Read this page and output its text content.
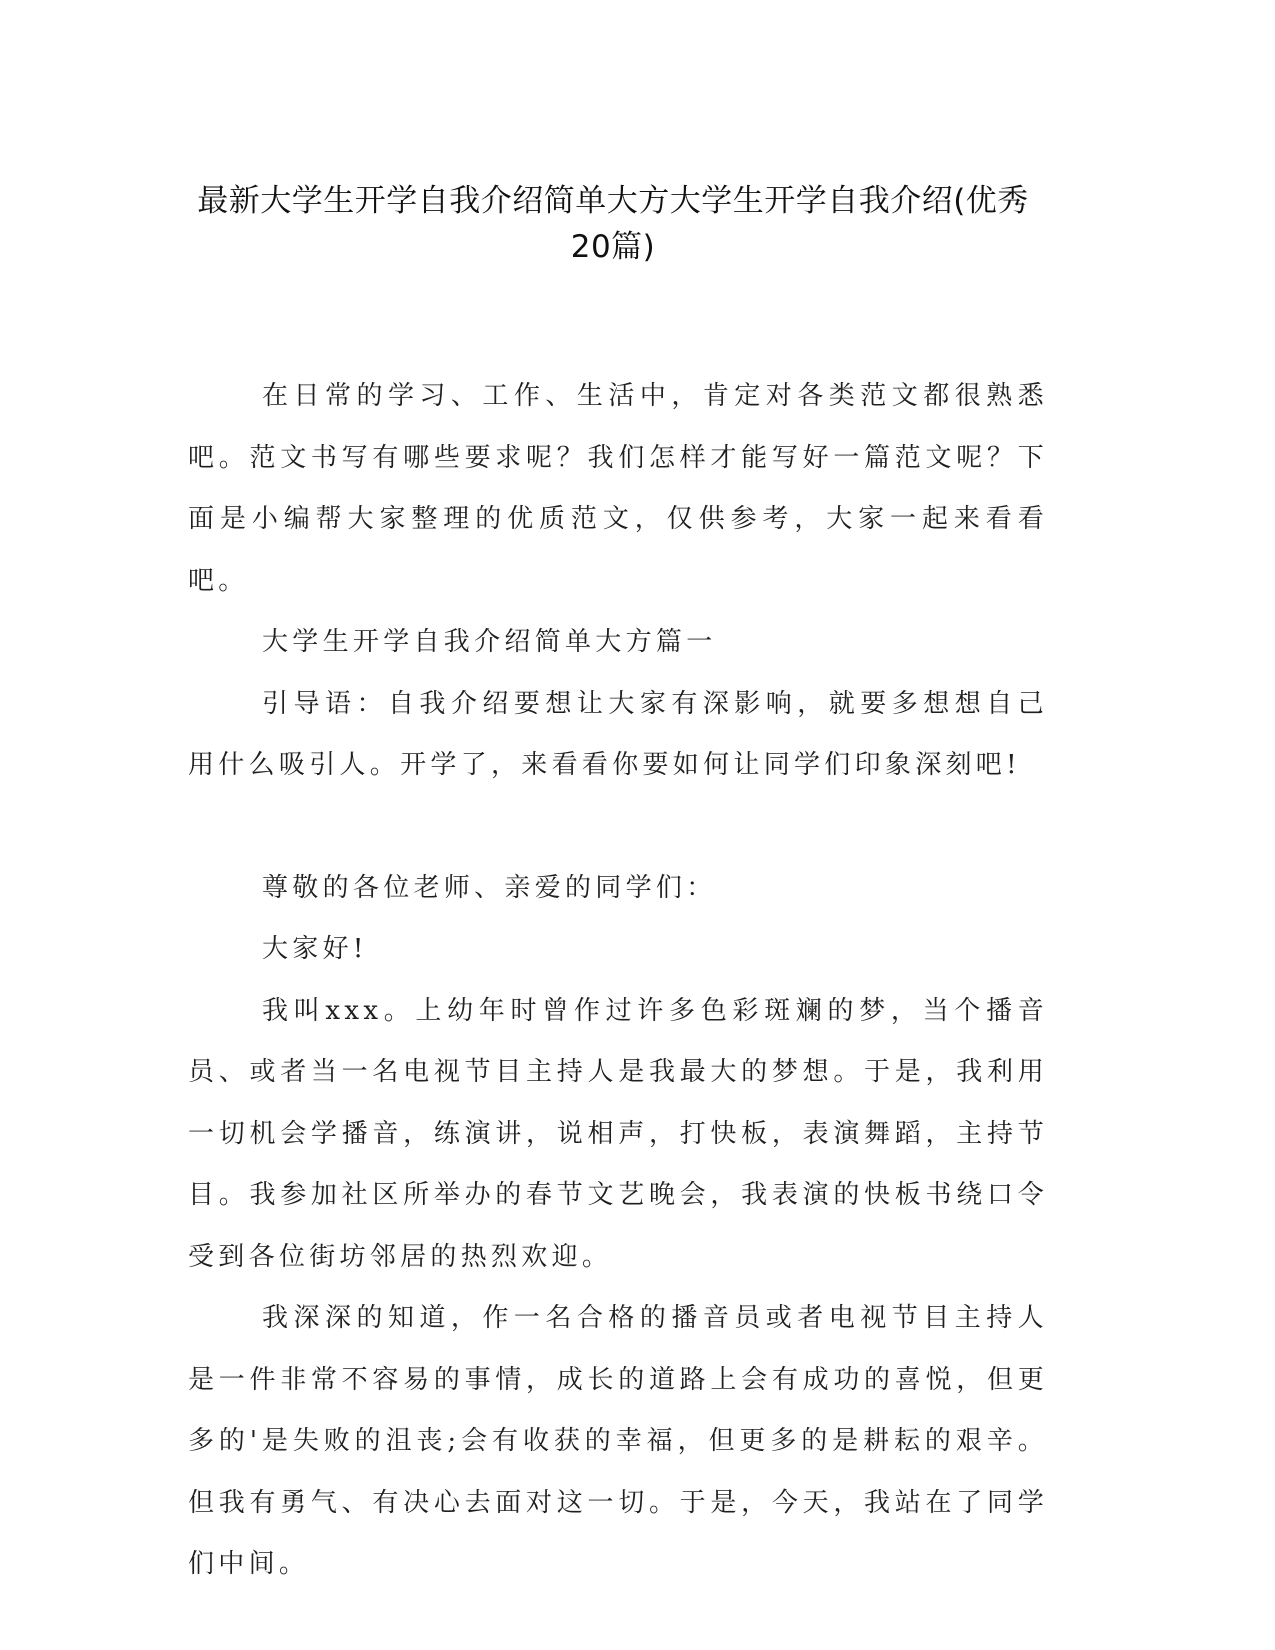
最新大学生开学自我介绍简单大方大学生开学自我介绍(优秀20篇)

在日常的学习、工作、生活中，肯定对各类范文都很熟悉吧。范文书写有哪些要求呢？我们怎样才能写好一篇范文呢？下面是小编帮大家整理的优质范文，仅供参考，大家一起来看看吧。

大学生开学自我介绍简单大方篇一

引导语：自我介绍要想让大家有深影响，就要多想想自己用什么吸引人。开学了，来看看你要如何让同学们印象深刻吧!

尊敬的各位老师、亲爱的同学们：

大家好!

我叫xxx。上幼年时曾作过许多色彩斑斓的梦，当个播音员、或者当一名电视节目主持人是我最大的梦想。于是，我利用一切机会学播音，练演讲，说相声，打快板，表演舞蹈，主持节目。我参加社区所举办的春节文艺晚会，我表演的快板书绕口令受到各位街坊邻居的热烈欢迎。

我深深的知道，作一名合格的播音员或者电视节目主持人是一件非常不容易的事情，成长的道路上会有成功的喜悦，但更多的'是失败的沮丧;会有收获的幸福，但更多的是耕耘的艰辛。但我有勇气、有决心去面对这一切。于是，今天，我站在了同学们中间。
